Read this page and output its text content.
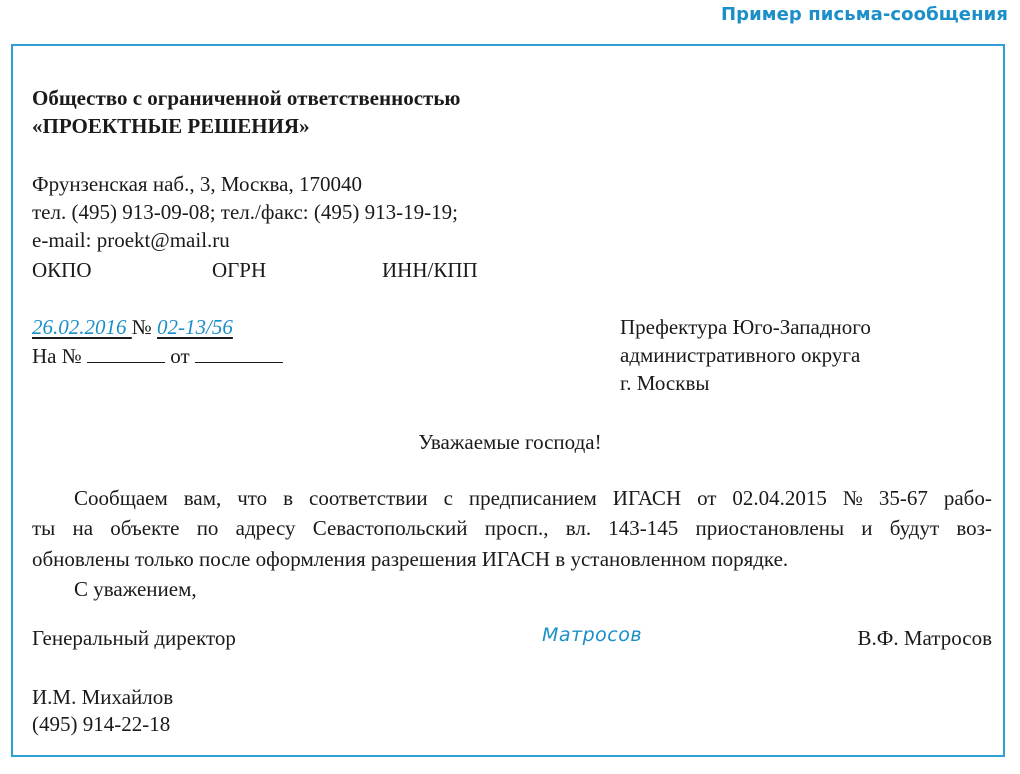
Пример письма-сообщения
Общество с ограниченной ответственностью
«ПРОЕКТНЫЕ РЕШЕНИЯ»
Фрунзенская наб., 3, Москва, 170040
тел. (495) 913-09-08; тел./факс: (495) 913-19-19;
e-mail: proekt@mail.ru
ОКПО	ОГРН	ИНН/КПП
26.02.2016 № 02-13/56
На №	от
Префектура Юго-Западного
административного округа
г. Москвы
Уважаемые господа!
Сообщаем вам, что в соответствии с предписанием ИГАСН от 02.04.2015 № 35-67 рабо-
ты на объекте по адресу Севастопольский просп., вл. 143-145 приостановлены и будут воз-
обновлены только после оформления разрешения ИГАСН в установленном порядке.
С уважением,
Генеральный директор	Матросов	В.Ф. Матросов
И.М. Михайлов
(495) 914-22-18
